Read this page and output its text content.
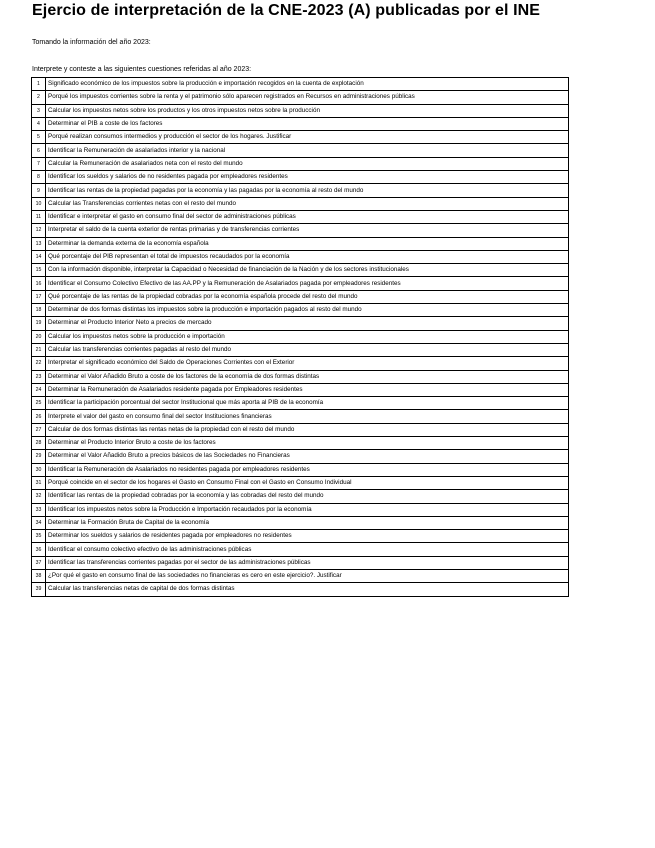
Ejercio de interpretación de la CNE-2023 (A) publicadas por el INE
Tomando la información del año 2023:
Interprete y conteste a las siguientes cuestiones referidas al año 2023:
1	Significado económico de los impuestos sobre la producción e importación recogidos en la cuenta de explotación
2	Porqué los impuestos corrientes sobre la renta y el patrimonio sólo aparecen registrados en Recursos en administraciones públicas
3	Calcular los impuestos netos sobre los productos y los otros impuestos netos sobre la producción
4	Determinar el PIB a coste de los factores
5	Porqué realizan consumos intermedios y producción el sector de los hogares. Justificar
6	Identificar la Remuneración de asalariados interior y la nacional
7	Calcular la Remuneración de asalariados neta con el resto del mundo
8	Identificar los sueldos y salarios de no residentes pagada por empleadores residentes
9	Identificar las rentas de la propiedad pagadas por la economía y las pagadas por la economía al resto del mundo
10	Calcular las Transferencias corrientes netas con el resto del mundo
11	Identificar e interpretar el gasto en consumo final del sector de administraciones públicas
12	Interpretar el saldo de la cuenta exterior de rentas primarias y de transferencias corrientes
13	Determinar la demanda externa de la economía española
14	Qué porcentaje del PIB representan el total de impuestos recaudados por la economía
15	Con la información disponible, interpretar la Capacidad o Necesidad de financiación de la Nación y de los sectores institucionales
16	Identificar el Consumo Colectivo Efectivo de las AA.PP y la Remuneración de Asalariados pagada por empleadores residentes
17	Qué porcentaje de las rentas de la propiedad cobradas por la economía española procede del resto del mundo
18	Determinar de dos formas distintas los impuestos sobre la producción e importación pagados al resto del mundo
19	Determinar el Producto Interior Neto a precios de mercado
20	Calcular los impuestos netos sobre la producción e importación
21	Calcular las transferencias corrientes pagadas al resto del mundo
22	Interpretar el significado económico del Saldo de Operaciones Corrientes con el Exterior
23	Determinar el Valor Añadido Bruto a coste de los factores de la economía de dos formas distintas
24	Determinar la Remuneración de Asalariados residente pagada por Empleadores residentes
25	Identificar la participación porcentual del sector Institucional que más aporta al PIB de la economía
26	Interprete el valor del gasto en consumo final del sector Instituciones financieras
27	Calcular de dos formas distintas las rentas netas de la propiedad con el resto del mundo
28	Determinar el Producto Interior Bruto a coste de los factores
29	Determinar el Valor Añadido Bruto a precios básicos de las Sociedades no Financieras
30	Identificar la Remuneración de Asalariados no residentes pagada por empleadores residentes
31	Porqué coincide en el sector de los hogares el Gasto en Consumo Final con el Gasto en Consumo Individual
32	Identificar las rentas de la propiedad cobradas por la economía y las cobradas del resto del mundo
33	Identificar los impuestos netos sobre la Producción e Importación recaudados por la economía
34	Determinar la Formación Bruta de Capital de la economía
35	Determinar los sueldos y salarios de residentes pagada por empleadores no residentes
36	Identificar el consumo colectivo efectivo de las administraciones públicas
37	Identificar las transferencias corrientes pagadas por el sector de las administraciones públicas
38	¿Por qué el gasto en consumo final de las sociedades no financieras es cero en este ejercicio?. Justificar
39	Calcular las transferencias netas de capital de dos formas distintas
